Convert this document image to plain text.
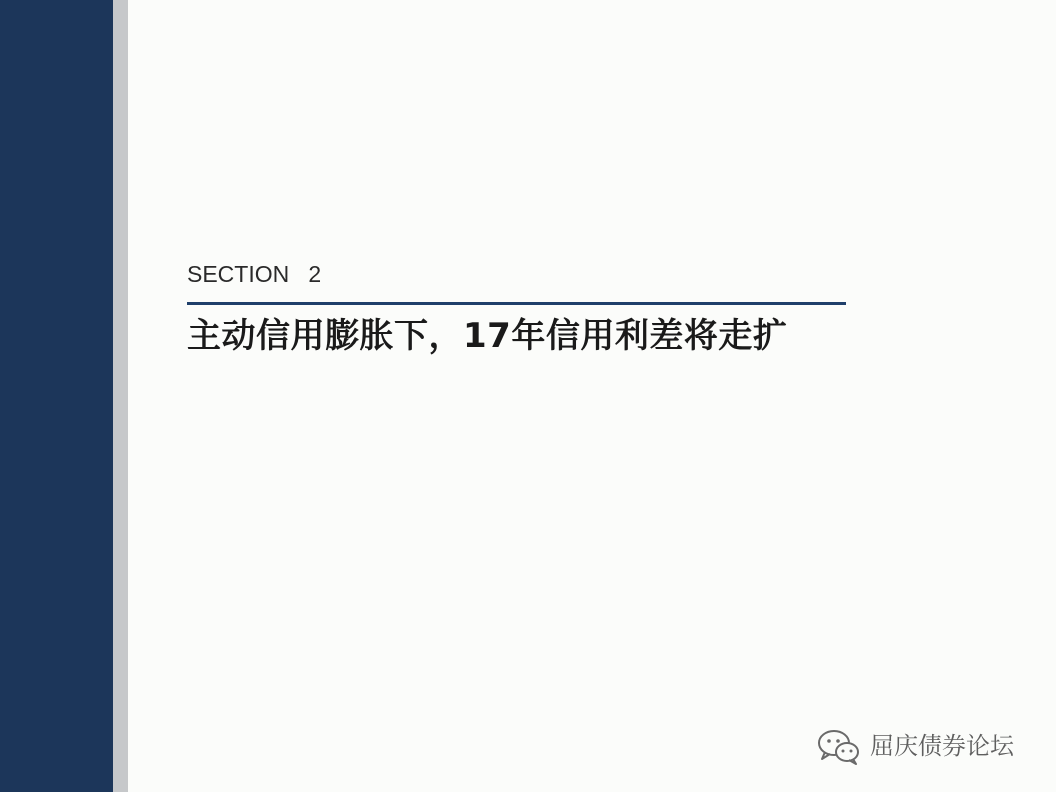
SECTION   2
主动信用膨胀下，17年信用利差将走扩
屈庆债券论坛
